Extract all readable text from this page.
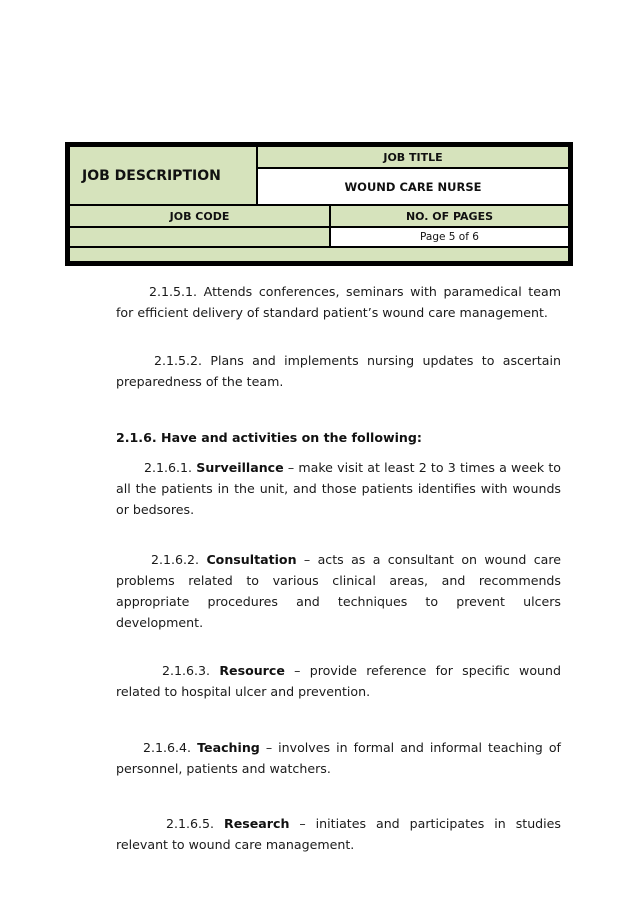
JOB DESCRIPTION
JOB TITLE
WOUND CARE NURSE
JOB CODE	NO. OF PAGES
Page 5 of 6

2.1.5.1. Attends conferences, seminars with paramedical team for efficient delivery of standard patient’s wound care management.

2.1.5.2. Plans and implements nursing updates to ascertain preparedness of the team.

2.1.6. Have and activities on the following:

2.1.6.1. Surveillance – make visit at least 2 to 3 times a week to all the patients in the unit, and those patients identifies with wounds or bedsores.

2.1.6.2. Consultation – acts as a consultant on wound care problems related to various clinical areas, and recommends appropriate procedures and techniques to prevent ulcers development.

2.1.6.3. Resource – provide reference for specific wound related to hospital ulcer and prevention.

2.1.6.4. Teaching – involves in formal and informal teaching of personnel, patients and watchers.

2.1.6.5. Research – initiates and participates in studies relevant to wound care management.
